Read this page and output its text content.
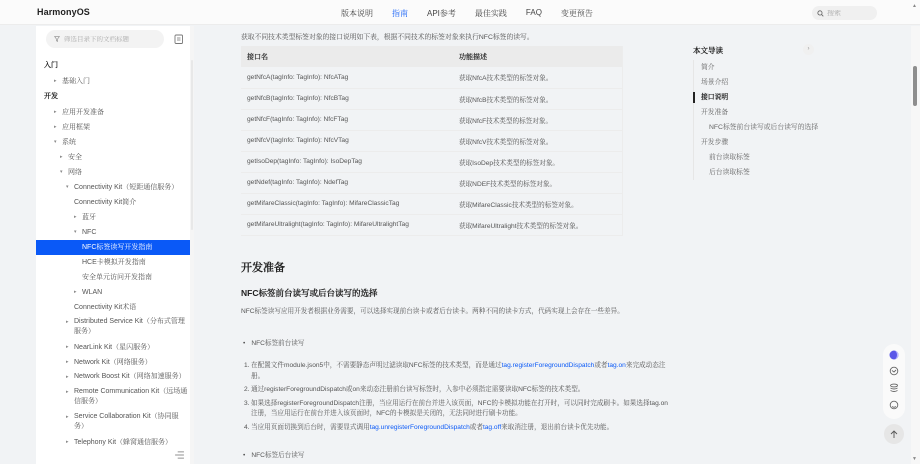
HarmonyOS	版本说明 指南 API参考 最佳实践 FAQ 变更预告
搜索
筛选目录下的文档标题
入门
▸ 基础入门
开发
▸ 应用开发准备
▸ 应用框架
▾ 系统
▸ 安全
▾ 网络
▾ Connectivity Kit（短距通信服务）
Connectivity Kit简介
▸ 蓝牙
▾ NFC
NFC标签读写开发指南
HCE卡模拟开发指南
安全单元访问开发指南
▸ WLAN
Connectivity Kit术语
▸ Distributed Service Kit（分布式管理服务）
▸ NearLink Kit（星闪服务）
▸ Network Kit（网络服务）
▸ Network Boost Kit（网络加速服务）
▸ Remote Communication Kit（远场通信服务）
▸ Service Collaboration Kit（协同服务）
▸ Telephony Kit（蜂窝通信服务）
获取不同技术类型标签对象的接口说明如下表，根据不同技术的标签对象来执行NFC标签的读写。
接口名	功能描述
getNfcA(tagInfo: TagInfo): NfcATag	获取NfcA技术类型的标签对象。
getNfcB(tagInfo: TagInfo): NfcBTag	获取NfcB技术类型的标签对象。
getNfcF(tagInfo: TagInfo): NfcFTag	获取NfcF技术类型的标签对象。
getNfcV(tagInfo: TagInfo): NfcVTag	获取NfcV技术类型的标签对象。
getIsoDep(tagInfo: TagInfo): IsoDepTag	获取IsoDep技术类型的标签对象。
getNdef(tagInfo: TagInfo): NdefTag	获取NDEF技术类型的标签对象。
getMifareClassic(tagInfo: TagInfo): MifareClassicTag	获取MifareClassic技术类型的标签对象。
getMifareUltralight(tagInfo: TagInfo): MifareUltralightTag	获取MifareUltralight技术类型的标签对象。
开发准备
NFC标签前台读写或后台读写的选择
NFC标签读写应用开发者根据业务需要，可以选择实现前台读卡或者后台读卡。两种不同的读卡方式，代码实现上会存在一些差异。
• NFC标签前台读写
1. 在配置文件module.json5中，不需要静态声明过滤读取NFC标签的技术类型，而是通过tag.registerForegroundDispatch或者tag.on来完成动态注册。
2. 通过registerForegroundDispatch或on来动态注册前台读写标签时，入参中必须指定需要读取NFC标签的技术类型。
3. 如果选择registerForegroundDispatch注册，当应用运行在前台并进入该页面，NFC的卡模拟功能在打开时，可以同时完成刷卡。如果选择tag.on注册，当应用运行在前台并进入该页面时，NFC的卡模拟是关闭的，无法同时进行刷卡功能。
4. 当应用页面切换到后台时，需要显式调用tag.unregisterForegroundDispatch或者tag.off来取消注册，退出前台读卡优先功能。
• NFC标签后台读写
本文导读	›
简介
场景介绍
接口说明
开发准备
NFC标签前台读写或后台读写的选择
开发步骤
前台读取标签
后台读取标签
▲
▼
